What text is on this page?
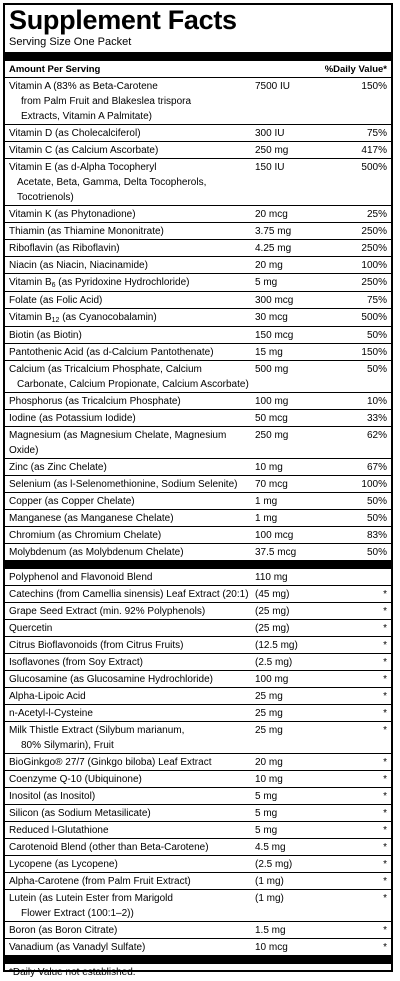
Supplement Facts
Serving Size One Packet
Amount Per Serving	%Daily Value*
Vitamin A (83% as Beta-Carotene
from Palm Fruit and Blakeslea trispora
Extracts, Vitamin A Palmitate)
7500 IU	150%
Vitamin D (as Cholecalciferol)	300 IU	75%
Vitamin C (as Calcium Ascorbate)	250 mg	417%
Vitamin E (as d-Alpha Tocopheryl
Acetate, Beta, Gamma, Delta Tocopherols, Tocotrienols)
150 IU	500%
Vitamin K (as Phytonadione)	20 mcg	25%
Thiamin (as Thiamine Mononitrate)	3.75 mg	250%
Riboflavin (as Riboflavin)	4.25 mg	250%
Niacin (as Niacin, Niacinamide)	20 mg	100%
Vitamin $B_6$ (as Pyridoxine Hydrochloride)	5 mg	250%
Folate (as Folic Acid)	300 mcg	75%
Vitamin $B_{12}$ (as Cyanocobalamin)	30 mcg	500%
Biotin (as Biotin)	150 mcg	50%
Pantothenic Acid (as d-Calcium Pantothenate)	15 mg	150%
Calcium (as Tricalcium Phosphate, Calcium
Carbonate, Calcium Propionate, Calcium Ascorbate)
500 mg	50%
Phosphorus (as Tricalcium Phosphate)	100 mg	10%
Iodine (as Potassium Iodide)	50 mcg	33%
Magnesium (as Magnesium Chelate, Magnesium Oxide)
250 mg	62%
Zinc (as Zinc Chelate)	10 mg	67%
Selenium (as l-Selenomethionine, Sodium Selenite)	70 mcg	100%
Copper (as Copper Chelate)	1 mg	50%
Manganese (as Manganese Chelate)	1 mg	50%
Chromium (as Chromium Chelate)	100 mcg	83%
Molybdenum (as Molybdenum Chelate)	37.5 mcg	50%
Polyphenol and Flavonoid Blend	110 mg
Catechins (from Camellia sinensis) Leaf Extract (20:1) (45 mg)	*
Grape Seed Extract (min. 92% Polyphenols)	(25 mg)	*
Quercetin	(25 mg)	*
Citrus Bioflavonoids (from Citrus Fruits)	(12.5 mg)	*
Isoflavones (from Soy Extract)	(2.5 mg)	*
Glucosamine (as Glucosamine Hydrochloride)	100 mg	*
Alpha-Lipoic Acid	25 mg	*
n-Acetyl-l-Cysteine	25 mg	*
Milk Thistle Extract (Silybum marianum,
80% Silymarin), Fruit
25 mg	*
BioGinkgo® 27/7 (Ginkgo biloba) Leaf Extract	20 mg	*
Coenzyme Q-10 (Ubiquinone)	10 mg	*
Inositol (as Inositol)	5 mg	*
Silicon (as Sodium Metasilicate)	5 mg	*
Reduced l-Glutathione	5 mg	*
Carotenoid Blend (other than Beta-Carotene)	4.5 mg	*
Lycopene (as Lycopene)	(2.5 mg)	*
Alpha-Carotene (from Palm Fruit Extract)	(1 mg)	*
Lutein (as Lutein Ester from Marigold
Flower Extract (100:1–2))
(1 mg)	*
Boron (as Boron Citrate)	1.5 mg	*
Vanadium (as Vanadyl Sulfate)	10 mcg	*
*Daily Value not established.
